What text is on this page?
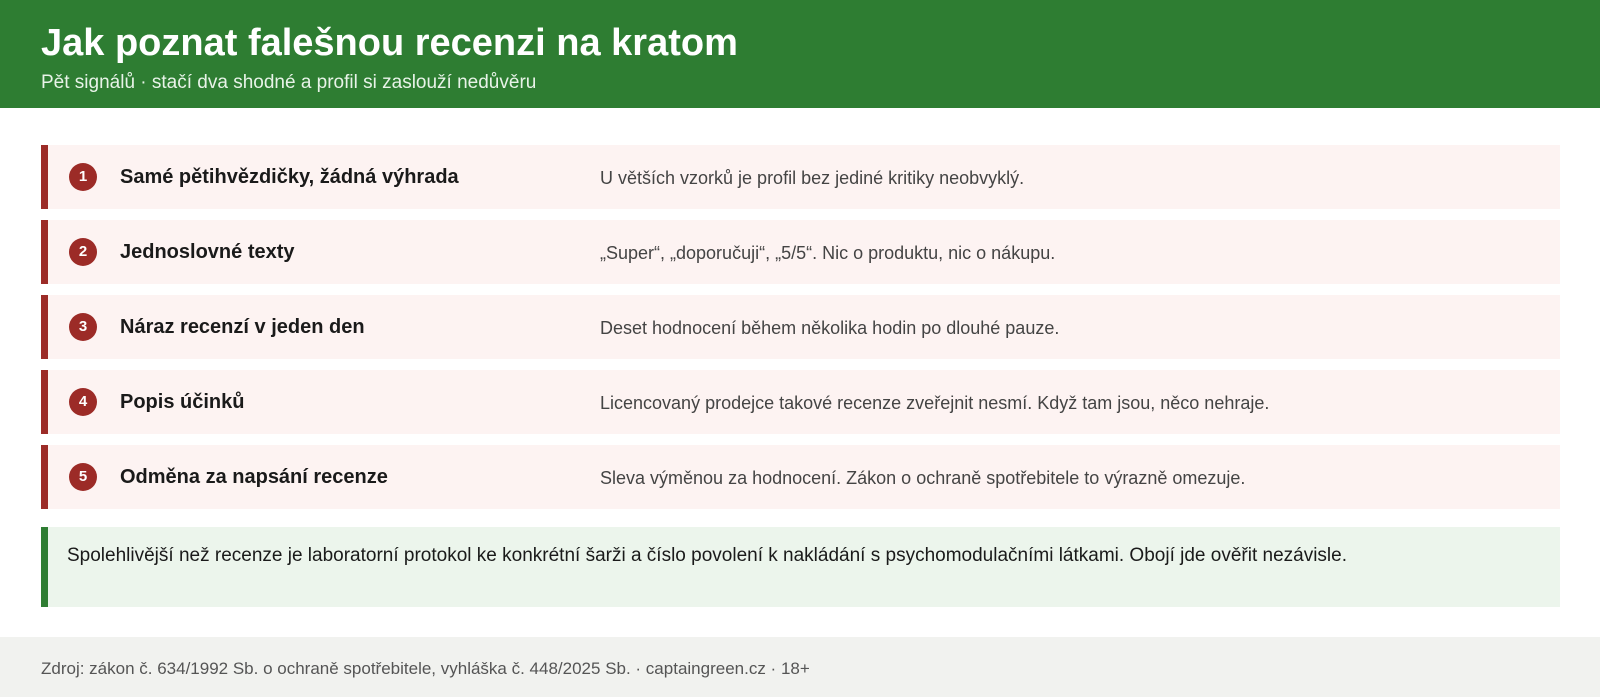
Jak poznat falešnou recenzi na kratom
Pět signálů · stačí dva shodné a profil si zaslouží nedůvěru
1	Samé pětihvězdičky, žádná výhrada	U větších vzorků je profil bez jediné kritiky neobvyklý.
2	Jednoslovné texty	„Super“, „doporučuji“, „5/5“. Nic o produktu, nic o nákupu.
3	Náraz recenzí v jeden den	Deset hodnocení během několika hodin po dlouhé pauze.
4	Popis účinků	Licencovaný prodejce takové recenze zveřejnit nesmí. Když tam jsou, něco nehraje.
5	Odměna za napsání recenze	Sleva výměnou za hodnocení. Zákon o ochraně spotřebitele to výrazně omezuje.
Spolehlivější než recenze je laboratorní protokol ke konkrétní šarži a číslo povolení k nakládání s psychomodulačními látkami. Obojí jde ověřit nezávisle.
Zdroj: zákon č. 634/1992 Sb. o ochraně spotřebitele, vyhláška č. 448/2025 Sb. · captaingreen.cz · 18+
